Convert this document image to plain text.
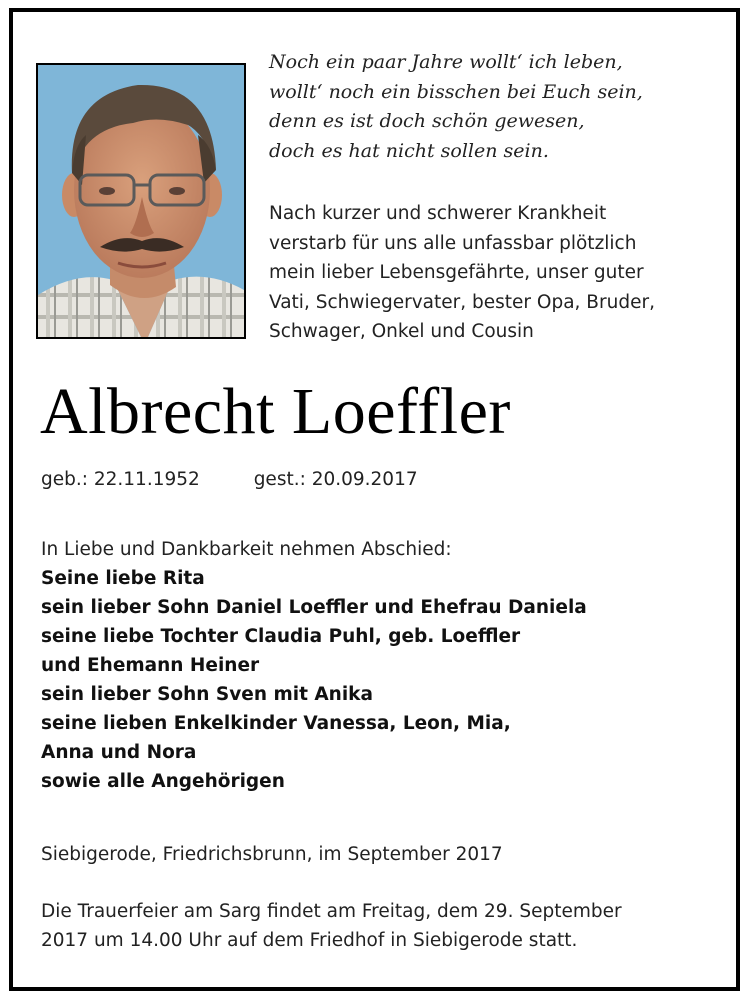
Noch ein paar Jahre wollt‘ ich leben,
wollt‘ noch ein bisschen bei Euch sein,
denn es ist doch schön gewesen,
doch es hat nicht sollen sein.
Nach kurzer und schwerer Krankheit
verstarb für uns alle unfassbar plötzlich
mein lieber Lebensgefährte, unser guter
Vati, Schwiegervater, bester Opa, Bruder,
Schwager, Onkel und Cousin
Albrecht Loeffler
geb.: 22.11.1952	gest.: 20.09.2017
In Liebe und Dankbarkeit nehmen Abschied:
Seine liebe Rita
sein lieber Sohn Daniel Loeffler und Ehefrau Daniela
seine liebe Tochter Claudia Puhl, geb. Loeffler
und Ehemann Heiner
sein lieber Sohn Sven mit Anika
seine lieben Enkelkinder Vanessa, Leon, Mia,
Anna und Nora
sowie alle Angehörigen
Siebigerode, Friedrichsbrunn, im September 2017
Die Trauerfeier am Sarg findet am Freitag, dem 29. September
2017 um 14.00 Uhr auf dem Friedhof in Siebigerode statt.
